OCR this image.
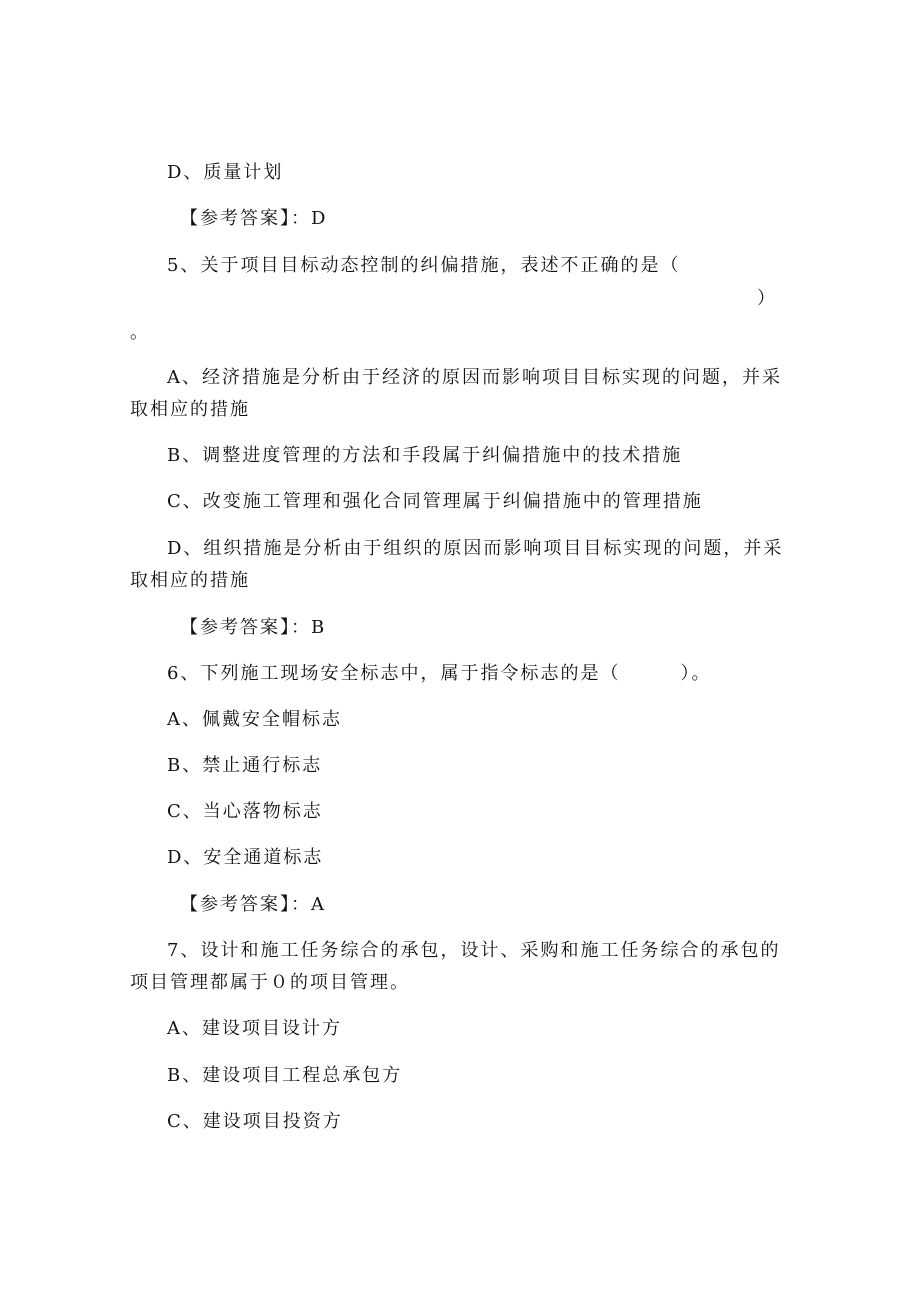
D、质量计划
【参考答案】：D
5、关于项目目标动态控制的纠偏措施，表述不正确的是（
）
。
A、经济措施是分析由于经济的原因而影响项目目标实现的问题，并采
取相应的措施
B、调整进度管理的方法和手段属于纠偏措施中的技术措施
C、改变施工管理和强化合同管理属于纠偏措施中的管理措施
D、组织措施是分析由于组织的原因而影响项目目标实现的问题，并采
取相应的措施
【参考答案】：B
6、下列施工现场安全标志中，属于指令标志的是（　　　）。
A、佩戴安全帽标志
B、禁止通行标志
C、当心落物标志
D、安全通道标志
【参考答案】：A
7、设计和施工任务综合的承包，设计、采购和施工任务综合的承包的
项目管理都属于０的项目管理。
A、建设项目设计方
B、建设项目工程总承包方
C、建设项目投资方
